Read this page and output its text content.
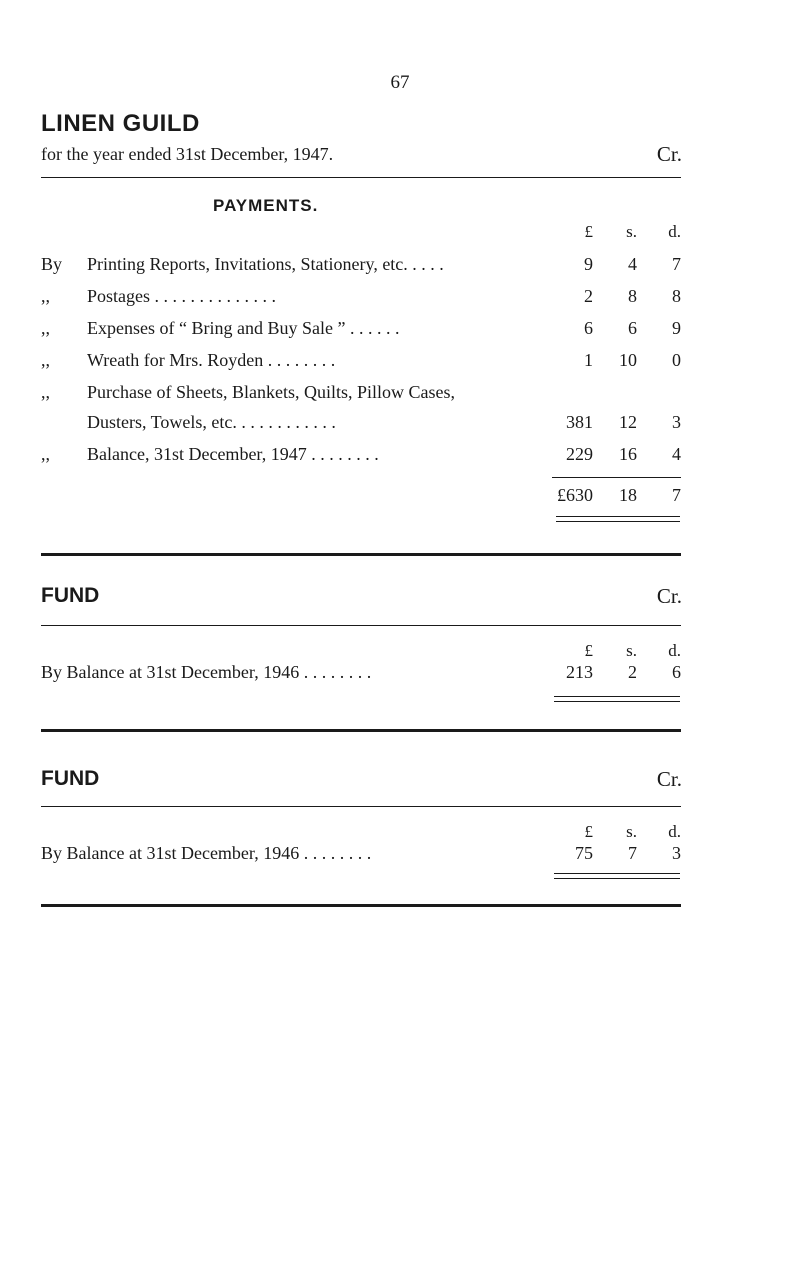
67
LINEN GUILD
for the year ended 31st December, 1947.	Cr.
PAYMENTS.
£	s.	d.
By Printing Reports, Invitations, Stationery, etc. . . . .	9	4	7
,,	Postages . . . . . . . . . . . . . .	2	8	8
,,	Expenses of “ Bring and Buy Sale ” . . . . . .	6	6	9
,,	Wreath for Mrs. Royden . . . . . . . .	1	10	0
,,	Purchase of Sheets, Blankets, Quilts, Pillow Cases,
Dusters, Towels, etc. . . . . . . . . . . .	381	12	3
,,	Balance, 31st December, 1947 . . . . . . . .	229	16	4
£630	18	7
FUND	Cr.
£	s.	d.
By Balance at 31st December, 1946 . . . . . . . .	213	2	6
FUND	Cr.
£	s.	d.
By Balance at 31st December, 1946 . . . . . . . .	75	7	3
